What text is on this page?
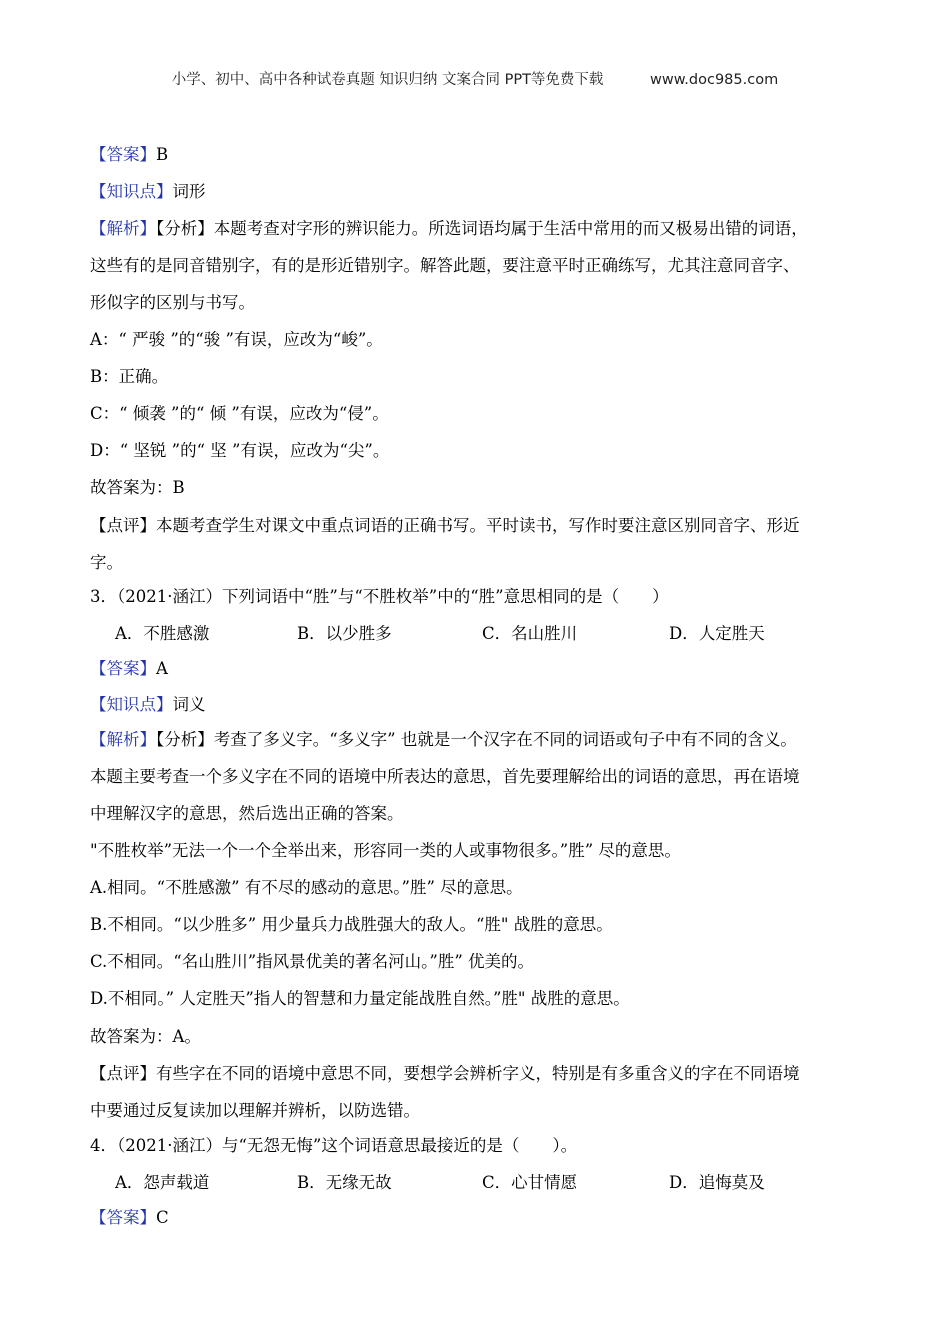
小学、初中、高中各种试卷真题 知识归纳 文案合同 PPT等免费下载	www.doc985.com
【答案】B
【知识点】词形
【解析】【分析】本题考查对字形的辨识能力。所选词语均属于生活中常用的而又极易出错的词语，
这些有的是同音错别字，有的是形近错别字。解答此题，要注意平时正确练写，尤其注意同音字、
形似字的区别与书写。
A：“ 严骏 ”的“骏 ”有误，应改为“峻”。
B：正确。
C：“ 倾袭 ”的“ 倾 ”有误，应改为“侵”。
D：“ 坚锐 ”的“ 坚 ”有误，应改为“尖”。
故答案为：B
【点评】本题考查学生对课文中重点词语的正确书写。平时读书，写作时要注意区别同音字、形近
字。
3．（2021·涵江）下列词语中“胜”与“不胜枚举”中的“胜”意思相同的是（　　）
A．不胜感激	B．以少胜多	C．名山胜川	D．人定胜天
【答案】A
【知识点】词义
【解析】【分析】考查了多义字。“多义字” 也就是一个汉字在不同的词语或句子中有不同的含义。
本题主要考查一个多义字在不同的语境中所表达的意思，首先要理解给出的词语的意思，再在语境
中理解汉字的意思，然后选出正确的答案。
"不胜枚举”无法一个一个全举出来，形容同一类的人或事物很多。”胜” 尽的意思。
A.相同。“不胜感激” 有不尽的感动的意思。”胜” 尽的意思。
B.不相同。“以少胜多” 用少量兵力战胜强大的敌人。“胜" 战胜的意思。
C.不相同。“名山胜川”指风景优美的著名河山。”胜” 优美的。
D.不相同。” 人定胜天”指人的智慧和力量定能战胜自然。”胜" 战胜的意思。
故答案为：A。
【点评】有些字在不同的语境中意思不同，要想学会辨析字义，特别是有多重含义的字在不同语境
中要通过反复读加以理解并辨析，以防选错。
4．（2021·涵江）与“无怨无悔”这个词语意思最接近的是（　　）。
A．怨声载道	B．无缘无故	C．心甘情愿	D．追悔莫及
【答案】C
